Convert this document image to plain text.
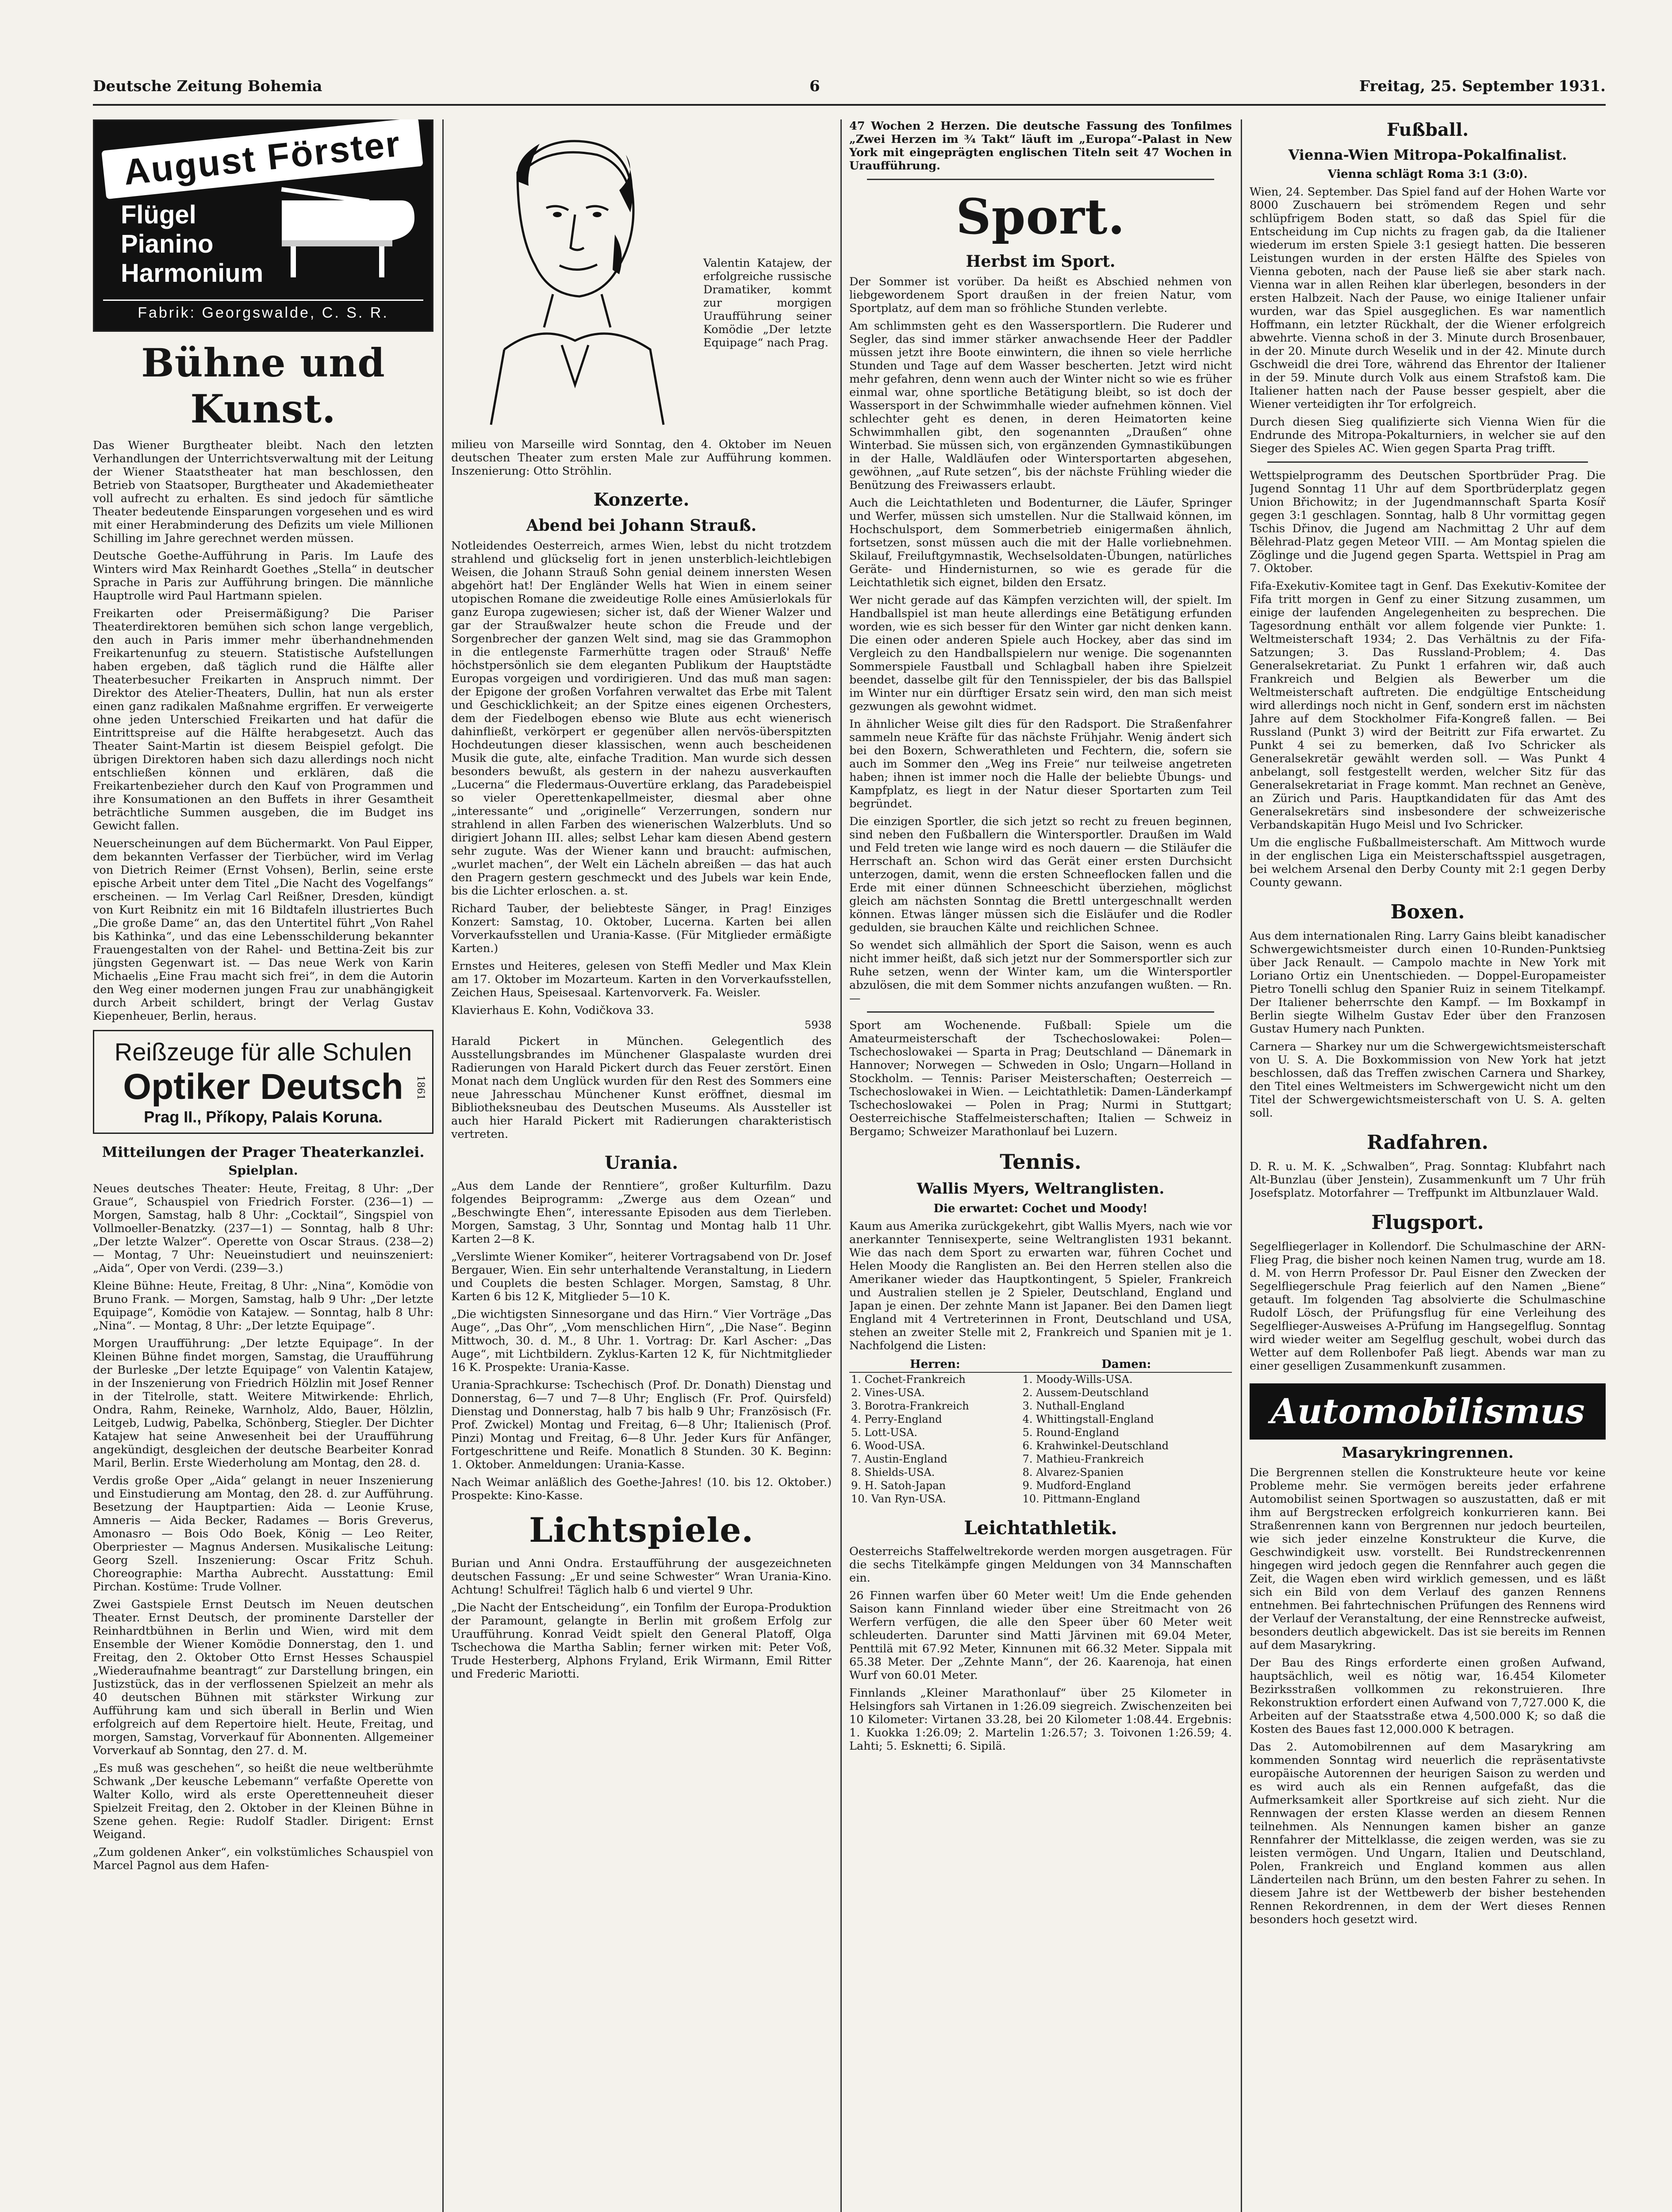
Deutsche Zeitung Bohemia	6	Freitag, 25. September 1931.
August Förster
Flügel
Pianino
Harmonium
Fabrik: Georgswalde, C. S. R.
Bühne und Kunst.

Das Wiener Burgtheater bleibt. Nach den letzten Verhandlungen der Unterrichtsverwaltung mit der Leitung der Wiener Staatstheater hat man beschlossen, den Betrieb von Staatsoper, Burgtheater und Akademietheater voll aufrecht zu erhalten. Es sind jedoch für sämtliche Theater bedeutende Einsparungen vorgesehen und es wird mit einer Herabminderung des Defizits um viele Millionen Schilling im Jahre gerechnet werden müssen.

Deutsche Goethe-Aufführung in Paris. Im Laufe des Winters wird Max Reinhardt Goethes „Stella“ in deutscher Sprache in Paris zur Aufführung bringen. Die männliche Hauptrolle wird Paul Hartmann spielen.

Freikarten oder Preisermäßigung? Die Pariser Theaterdirektoren bemühen sich schon lange vergeblich, den auch in Paris immer mehr überhandnehmenden Freikartenunfug zu steuern. Statistische Aufstellungen haben ergeben, daß täglich rund die Hälfte aller Theaterbesucher Freikarten in Anspruch nimmt. Der Direktor des Atelier-Theaters, Dullin, hat nun als erster einen ganz radikalen Maßnahme ergriffen. Er verweigerte ohne jeden Unterschied Freikarten und hat dafür die Eintrittspreise auf die Hälfte herabgesetzt. Auch das Theater Saint-Martin ist diesem Beispiel gefolgt. Die übrigen Direktoren haben sich dazu allerdings noch nicht entschließen können und erklären, daß die Freikartenbezieher durch den Kauf von Programmen und ihre Konsumationen an den Buffets in ihrer Gesamtheit beträchtliche Summen ausgeben, die im Budget ins Gewicht fallen.

Neuerscheinungen auf dem Büchermarkt. Von Paul Eipper, dem bekannten Verfasser der Tierbücher, wird im Verlag von Dietrich Reimer (Ernst Vohsen), Berlin, seine erste epische Arbeit unter dem Titel „Die Nacht des Vogelfangs“ erscheinen. — Im Verlag Carl Reißner, Dresden, kündigt von Kurt Reibnitz ein mit 16 Bildtafeln illustriertes Buch „Die große Dame“ an, das den Untertitel führt „Von Rahel bis Kathinka“, und das eine Lebensschilderung bekannter Frauengestalten von der Rahel- und Bettina-Zeit bis zur jüngsten Gegenwart ist. — Das neue Werk von Karin Michaelis „Eine Frau macht sich frei“, in dem die Autorin den Weg einer modernen jungen Frau zur unabhängigkeit durch Arbeit schildert, bringt der Verlag Gustav Kiepenheuer, Berlin, heraus.

Reißzeuge für alle Schulen
Optiker Deutsch	1861
Prag II., Příkopy, Palais Koruna.
Mitteilungen der Prager Theaterkanzlei.
Spielplan.

Neues deutsches Theater: Heute, Freitag, 8 Uhr: „Der Graue“, Schauspiel von Friedrich Forster. (236—1) — Morgen, Samstag, halb 8 Uhr: „Cocktail“, Singspiel von Vollmoeller-Benatzky. (237—1) — Sonntag, halb 8 Uhr: „Der letzte Walzer“. Operette von Oscar Straus. (238—2) — Montag, 7 Uhr: Neueinstudiert und neuinszeniert: „Aida“, Oper von Verdi. (239—3.)

Kleine Bühne: Heute, Freitag, 8 Uhr: „Nina“, Komödie von Bruno Frank. — Morgen, Samstag, halb 9 Uhr: „Der letzte Equipage“, Komödie von Katajew. — Sonntag, halb 8 Uhr: „Nina“. — Montag, 8 Uhr: „Der letzte Equipage“.

Morgen Uraufführung: „Der letzte Equipage“. In der Kleinen Bühne findet morgen, Samstag, die Uraufführung der Burleske „Der letzte Equipage“ von Valentin Katajew, in der Inszenierung von Friedrich Hölzlin mit Josef Renner in der Titelrolle, statt. Weitere Mitwirkende: Ehrlich, Ondra, Rahm, Reineke, Warnholz, Aldo, Bauer, Hölzlin, Leitgeb, Ludwig, Pabelka, Schönberg, Stiegler. Der Dichter Katajew hat seine Anwesenheit bei der Uraufführung angekündigt, desgleichen der deutsche Bearbeiter Konrad Maril, Berlin. Erste Wiederholung am Montag, den 28. d.

Verdis große Oper „Aida“ gelangt in neuer Inszenierung und Einstudierung am Montag, den 28. d. zur Aufführung. Besetzung der Hauptpartien: Aida — Leonie Kruse, Amneris — Aida Becker, Radames — Boris Greverus, Amonasro — Bois Odo Boek, König — Leo Reiter, Oberpriester — Magnus Andersen. Musikalische Leitung: Georg Szell. Inszenierung: Oscar Fritz Schuh. Choreographie: Martha Aubrecht. Ausstattung: Emil Pirchan. Kostüme: Trude Vollner.

Zwei Gastspiele Ernst Deutsch im Neuen deutschen Theater. Ernst Deutsch, der prominente Darsteller der Reinhardtbühnen in Berlin und Wien, wird mit dem Ensemble der Wiener Komödie Donnerstag, den 1. und Freitag, den 2. Oktober Otto Ernst Hesses Schauspiel „Wiederaufnahme beantragt“ zur Darstellung bringen, ein Justizstück, das in der verflossenen Spielzeit an mehr als 40 deutschen Bühnen mit stärkster Wirkung zur Aufführung kam und sich überall in Berlin und Wien erfolgreich auf dem Repertoire hielt. Heute, Freitag, und morgen, Samstag, Vorverkauf für Abonnenten. Allgemeiner Vorverkauf ab Sonntag, den 27. d. M.

„Es muß was geschehen“, so heißt die neue weltberühmte Schwank „Der keusche Lebemann“ verfaßte Operette von Walter Kollo, wird als erste Operettenneuheit dieser Spielzeit Freitag, den 2. Oktober in der Kleinen Bühne in Szene gehen. Regie: Rudolf Stadler. Dirigent: Ernst Weigand.

„Zum goldenen Anker“, ein volkstümliches Schauspiel von Marcel Pagnol aus dem Hafen-

Valentin Katajew, der erfolgreiche russische Dramatiker, kommt zur morgigen Uraufführung seiner Komödie „Der letzte Equipage“ nach Prag.

milieu von Marseille wird Sonntag, den 4. Oktober im Neuen deutschen Theater zum ersten Male zur Aufführung kommen. Inszenierung: Otto Ströhlin.

Konzerte.
Abend bei Johann Strauß.

Notleidendes Oesterreich, armes Wien, lebst du nicht trotzdem strahlend und glückselig fort in jenen unsterblich-leichtlebigen Weisen, die Johann Strauß Sohn genial deinem innersten Wesen abgehört hat! Der Engländer Wells hat Wien in einem seiner utopischen Romane die zweideutige Rolle eines Amüsierlokals für ganz Europa zugewiesen; sicher ist, daß der Wiener Walzer und gar der Straußwalzer heute schon die Freude und der Sorgenbrecher der ganzen Welt sind, mag sie das Grammophon in die entlegenste Farmerhütte tragen oder Strauß' Neffe höchstpersönlich sie dem eleganten Publikum der Hauptstädte Europas vorgeigen und vordirigieren. Und das muß man sagen: der Epigone der großen Vorfahren verwaltet das Erbe mit Talent und Geschicklichkeit; an der Spitze eines eigenen Orchesters, dem der Fiedelbogen ebenso wie Blute aus echt wienerisch dahinfließt, verkörpert er gegenüber allen nervös-überspitzten Hochdeutungen dieser klassischen, wenn auch bescheidenen Musik die gute, alte, einfache Tradition. Man wurde sich dessen besonders bewußt, als gestern in der nahezu ausverkauften „Lucerna“ die Fledermaus-Ouvertüre erklang, das Paradebeispiel so vieler Operettenkapellmeister, diesmal aber ohne „interessante“ und „originelle“ Verzerrungen, sondern nur strahlend in allen Farben des wienerischen Walzerbluts. Und so dirigiert Johann III. alles; selbst Lehar kam diesen Abend gestern sehr zugute. Was der Wiener kann und braucht: aufmischen, „wurlet machen“, der Welt ein Lächeln abreißen — das hat auch den Pragern gestern geschmeckt und des Jubels war kein Ende, bis die Lichter erloschen. a. st.

Richard Tauber, der beliebteste Sänger, in Prag! Einziges Konzert: Samstag, 10. Oktober, Lucerna. Karten bei allen Vorverkaufsstellen und Urania-Kasse. (Für Mitglieder ermäßigte Karten.)

Ernstes und Heiteres, gelesen von Steffi Medler und Max Klein am 17. Oktober im Mozarteum. Karten in den Vorverkaufsstellen, Zeichen Haus, Speisesaal. Kartenvorverk. Fa. Weisler.

Klavierhaus E. Kohn, Vodičkova 33.

5938

Harald Pickert in München. Gelegentlich des Ausstellungsbrandes im Münchener Glaspalaste wurden drei Radierungen von Harald Pickert durch das Feuer zerstört. Einen Monat nach dem Unglück wurden für den Rest des Sommers eine neue Jahresschau Münchener Kunst eröffnet, diesmal im Bibliotheksneubau des Deutschen Museums. Als Aussteller ist auch hier Harald Pickert mit Radierungen charakteristisch vertreten.

Urania.

„Aus dem Lande der Renntiere“, großer Kulturfilm. Dazu folgendes Beiprogramm: „Zwerge aus dem Ozean“ und „Beschwingte Ehen“, interessante Episoden aus dem Tierleben. Morgen, Samstag, 3 Uhr, Sonntag und Montag halb 11 Uhr. Karten 2—8 K.

„Verslimte Wiener Komiker“, heiterer Vortragsabend von Dr. Josef Bergauer, Wien. Ein sehr unterhaltende Veranstaltung, in Liedern und Couplets die besten Schlager. Morgen, Samstag, 8 Uhr. Karten 6 bis 12 K, Mitglieder 5—10 K.

„Die wichtigsten Sinnesorgane und das Hirn.“ Vier Vorträge „Das Auge“, „Das Ohr“, „Vom menschlichen Hirn“, „Die Nase“. Beginn Mittwoch, 30. d. M., 8 Uhr. 1. Vortrag: Dr. Karl Ascher: „Das Auge“, mit Lichtbildern. Zyklus-Karten 12 K, für Nichtmitglieder 16 K. Prospekte: Urania-Kasse.

Urania-Sprachkurse: Tschechisch (Prof. Dr. Donath) Dienstag und Donnerstag, 6—7 und 7—8 Uhr; Englisch (Fr. Prof. Quirsfeld) Dienstag und Donnerstag, halb 7 bis halb 9 Uhr; Französisch (Fr. Prof. Zwickel) Montag und Freitag, 6—8 Uhr; Italienisch (Prof. Pinzi) Montag und Freitag, 6—8 Uhr. Jeder Kurs für Anfänger, Fortgeschrittene und Reife. Monatlich 8 Stunden. 30 K. Beginn: 1. Oktober. Anmeldungen: Urania-Kasse.

Nach Weimar anläßlich des Goethe-Jahres! (10. bis 12. Oktober.) Prospekte: Kino-Kasse.

Lichtspiele.

Burian und Anni Ondra. Erstaufführung der ausgezeichneten deutschen Fassung: „Er und seine Schwester“ Wran Urania-Kino. Achtung! Schulfrei! Täglich halb 6 und viertel 9 Uhr.

„Die Nacht der Entscheidung“, ein Tonfilm der Europa-Produktion der Paramount, gelangte in Berlin mit großem Erfolg zur Uraufführung. Konrad Veidt spielt den General Platoff, Olga Tschechowa die Martha Sablin; ferner wirken mit: Peter Voß, Trude Hesterberg, Alphons Fryland, Erik Wirmann, Emil Ritter und Frederic Mariotti.

47 Wochen 2 Herzen. Die deutsche Fassung des Tonfilmes „Zwei Herzen im ¾ Takt“ läuft im „Europa“-Palast in New York mit eingeprägten englischen Titeln seit 47 Wochen in Uraufführung.

Sport.
Herbst im Sport.

Der Sommer ist vorüber. Da heißt es Abschied nehmen von liebgewordenem Sport draußen in der freien Natur, vom Sportplatz, auf dem man so fröhliche Stunden verlebte.

Am schlimmsten geht es den Wassersportlern. Die Ruderer und Segler, das sind immer stärker anwachsende Heer der Paddler müssen jetzt ihre Boote einwintern, die ihnen so viele herrliche Stunden und Tage auf dem Wasser bescherten. Jetzt wird nicht mehr gefahren, denn wenn auch der Winter nicht so wie es früher einmal war, ohne sportliche Betätigung bleibt, so ist doch der Wassersport in der Schwimmhalle wieder aufnehmen können. Viel schlechter geht es denen, in deren Heimatorten keine Schwimmhallen gibt, den sogenannten „Draußen“ ohne Winterbad. Sie müssen sich, von ergänzenden Gymnastikübungen in der Halle, Waldläufen oder Wintersportarten abgesehen, gewöhnen, „auf Rute setzen“, bis der nächste Frühling wieder die Benützung des Freiwassers erlaubt.

Auch die Leichtathleten und Bodenturner, die Läufer, Springer und Werfer, müssen sich umstellen. Nur die Stallwaid können, im Hochschulsport, dem Sommerbetrieb einigermaßen ähnlich, fortsetzen, sonst müssen auch die mit der Halle vorliebnehmen. Skilauf, Freiluftgymnastik, Wechselsoldaten-Übungen, natürliches Geräte- und Hindernisturnen, so wie es gerade für die Leichtathletik sich eignet, bilden den Ersatz.

Wer nicht gerade auf das Kämpfen verzichten will, der spielt. Im Handballspiel ist man heute allerdings eine Betätigung erfunden worden, wie es sich besser für den Winter gar nicht denken kann. Die einen oder anderen Spiele auch Hockey, aber das sind im Vergleich zu den Handballspielern nur wenige. Die sogenannten Sommerspiele Faustball und Schlagball haben ihre Spielzeit beendet, dasselbe gilt für den Tennisspieler, der bis das Ballspiel im Winter nur ein dürftiger Ersatz sein wird, den man sich meist gezwungen als gewohnt widmet.

In ähnlicher Weise gilt dies für den Radsport. Die Straßenfahrer sammeln neue Kräfte für das nächste Frühjahr. Wenig ändert sich bei den Boxern, Schwerathleten und Fechtern, die, sofern sie auch im Sommer den „Weg ins Freie“ nur teilweise angetreten haben; ihnen ist immer noch die Halle der beliebte Übungs- und Kampfplatz, es liegt in der Natur dieser Sportarten zum Teil begründet.

Die einzigen Sportler, die sich jetzt so recht zu freuen beginnen, sind neben den Fußballern die Wintersportler. Draußen im Wald und Feld treten wie lange wird es noch dauern — die Stiläufer die Herrschaft an. Schon wird das Gerät einer ersten Durchsicht unterzogen, damit, wenn die ersten Schneeflocken fallen und die Erde mit einer dünnen Schneeschicht überziehen, möglichst gleich am nächsten Sonntag die Brettl untergeschnallt werden können. Etwas länger müssen sich die Eisläufer und die Rodler gedulden, sie brauchen Kälte und reichlichen Schnee.

So wendet sich allmählich der Sport die Saison, wenn es auch nicht immer heißt, daß sich jetzt nur der Sommersportler sich zur Ruhe setzen, wenn der Winter kam, um die Wintersportler abzulösen, die mit dem Sommer nichts anzufangen wußten. — Rn. —

Sport am Wochenende. Fußball: Spiele um die Amateurmeisterschaft der Tschechoslowakei: Polen—Tschechoslowakei — Sparta in Prag; Deutschland — Dänemark in Hannover; Norwegen — Schweden in Oslo; Ungarn—Holland in Stockholm. — Tennis: Pariser Meisterschaften; Oesterreich — Tschechoslowakei in Wien. — Leichtathletik: Damen-Länderkampf Tschechoslowakei — Polen in Prag; Nurmi in Stuttgart; Oesterreichische Staffelmeisterschaften; Italien — Schweiz in Bergamo; Schweizer Marathonlauf bei Luzern.

Tennis.
Wallis Myers, Weltranglisten.
Die erwartet: Cochet und Moody!

Kaum aus Amerika zurückgekehrt, gibt Wallis Myers, nach wie vor anerkannter Tennisexperte, seine Weltranglisten 1931 bekannt. Wie das nach dem Sport zu erwarten war, führen Cochet und Helen Moody die Ranglisten an. Bei den Herren stellen also die Amerikaner wieder das Hauptkontingent, 5 Spieler, Frankreich und Australien stellen je 2 Spieler, Deutschland, England und Japan je einen. Der zehnte Mann ist Japaner. Bei den Damen liegt England mit 4 Vertreterinnen in Front, Deutschland und USA, stehen an zweiter Stelle mit 2, Frankreich und Spanien mit je 1. Nachfolgend die Listen:

Herren:	Damen:
1. Cochet-Frankreich	1. Moody-Wills-USA.
2. Vines-USA.	2. Aussem-Deutschland
3. Borotra-Frankreich	3. Nuthall-England
4. Perry-England	4. Whittingstall-England
5. Lott-USA.	5. Round-England
6. Wood-USA.	6. Krahwinkel-Deutschland
7. Austin-England	7. Mathieu-Frankreich
8. Shields-USA.	8. Alvarez-Spanien
9. H. Satoh-Japan	9. Mudford-England
10. Van Ryn-USA.	10. Pittmann-England
Leichtathletik.

Oesterreichs Staffelweltrekorde werden morgen ausgetragen. Für die sechs Titelkämpfe gingen Meldungen von 34 Mannschaften ein.

26 Finnen warfen über 60 Meter weit! Um die Ende gehenden Saison kann Finnland wieder über eine Streitmacht von 26 Werfern verfügen, die alle den Speer über 60 Meter weit schleuderten. Darunter sind Matti Järvinen mit 69.04 Meter, Penttilä mit 67.92 Meter, Kinnunen mit 66.32 Meter. Sippala mit 65.38 Meter. Der „Zehnte Mann“, der 26. Kaarenoja, hat einen Wurf von 60.01 Meter.

Finnlands „Kleiner Marathonlauf“ über 25 Kilometer in Helsingfors sah Virtanen in 1:26.09 siegreich. Zwischenzeiten bei 10 Kilometer: Virtanen 33.28, bei 20 Kilometer 1:08.44. Ergebnis: 1. Kuokka 1:26.09; 2. Martelin 1:26.57; 3. Toivonen 1:26.59; 4. Lahti; 5. Esknetti; 6. Sipilä.

Fußball.
Vienna-Wien Mitropa-Pokalfinalist.
Vienna schlägt Roma 3:1 (3:0).

Wien, 24. September. Das Spiel fand auf der Hohen Warte vor 8000 Zuschauern bei strömendem Regen und sehr schlüpfrigem Boden statt, so daß das Spiel für die Entscheidung im Cup nichts zu fragen gab, da die Italiener wiederum im ersten Spiele 3:1 gesiegt hatten. Die besseren Leistungen wurden in der ersten Hälfte des Spieles von Vienna geboten, nach der Pause ließ sie aber stark nach. Vienna war in allen Reihen klar überlegen, besonders in der ersten Halbzeit. Nach der Pause, wo einige Italiener unfair wurden, war das Spiel ausgeglichen. Es war namentlich Hoffmann, ein letzter Rückhalt, der die Wiener erfolgreich abwehrte. Vienna schoß in der 3. Minute durch Brosenbauer, in der 20. Minute durch Weselik und in der 42. Minute durch Gschweidl die drei Tore, während das Ehrentor der Italiener in der 59. Minute durch Volk aus einem Strafstoß kam. Die Italiener hatten nach der Pause besser gespielt, aber die Wiener verteidigten ihr Tor erfolgreich.

Durch diesen Sieg qualifizierte sich Vienna Wien für die Endrunde des Mitropa-Pokalturniers, in welcher sie auf den Sieger des Spieles AC. Wien gegen Sparta Prag trifft.

Wettspielprogramm des Deutschen Sportbrüder Prag. Die Jugend Sonntag 11 Uhr auf dem Sportbrüderplatz gegen Union Břichowitz; in der Jugendmannschaft Sparta Kosíř gegen 3:1 geschlagen. Sonntag, halb 8 Uhr vormittag gegen Tschis Dřinov, die Jugend am Nachmittag 2 Uhr auf dem Bělehrad-Platz gegen Meteor VIII. — Am Montag spielen die Zöglinge und die Jugend gegen Sparta. Wettspiel in Prag am 7. Oktober.

Fifa-Exekutiv-Komitee tagt in Genf. Das Exekutiv-Komitee der Fifa tritt morgen in Genf zu einer Sitzung zusammen, um einige der laufenden Angelegenheiten zu besprechen. Die Tagesordnung enthält vor allem folgende vier Punkte: 1. Weltmeisterschaft 1934; 2. Das Verhältnis zu der Fifa-Satzungen; 3. Das Russland-Problem; 4. Das Generalsekretariat. Zu Punkt 1 erfahren wir, daß auch Frankreich und Belgien als Bewerber um die Weltmeisterschaft auftreten. Die endgültige Entscheidung wird allerdings noch nicht in Genf, sondern erst im nächsten Jahre auf dem Stockholmer Fifa-Kongreß fallen. — Bei Russland (Punkt 3) wird der Beitritt zur Fifa erwartet. Zu Punkt 4 sei zu bemerken, daß Ivo Schricker als Generalsekretär gewählt werden soll. — Was Punkt 4 anbelangt, soll festgestellt werden, welcher Sitz für das Generalsekretariat in Frage kommt. Man rechnet an Genève, an Zürich und Paris. Hauptkandidaten für das Amt des Generalsekretärs sind insbesondere der schweizerische Verbandskapitän Hugo Meisl und Ivo Schricker.

Um die englische Fußballmeisterschaft. Am Mittwoch wurde in der englischen Liga ein Meisterschaftsspiel ausgetragen, bei welchem Arsenal den Derby County mit 2:1 gegen Derby County gewann.

Boxen.

Aus dem internationalen Ring. Larry Gains bleibt kanadischer Schwergewichtsmeister durch einen 10-Runden-Punktsieg über Jack Renault. — Campolo machte in New York mit Loriano Ortiz ein Unentschieden. — Doppel-Europameister Pietro Tonelli schlug den Spanier Ruiz in seinem Titelkampf. Der Italiener beherrschte den Kampf. — Im Boxkampf in Berlin siegte Wilhelm Gustav Eder über den Franzosen Gustav Humery nach Punkten.

Carnera — Sharkey nur um die Schwergewichtsmeisterschaft von U. S. A. Die Boxkommission von New York hat jetzt beschlossen, daß das Treffen zwischen Carnera und Sharkey, den Titel eines Weltmeisters im Schwergewicht nicht um den Titel der Schwergewichtsmeisterschaft von U. S. A. gelten soll.

Radfahren.

D. R. u. M. K. „Schwalben“, Prag. Sonntag: Klubfahrt nach Alt-Bunzlau (über Jenstein), Zusammenkunft um 7 Uhr früh Josefsplatz. Motorfahrer — Treffpunkt im Altbunzlauer Wald.

Flugsport.

Segelfliegerlager in Kollendorf. Die Schulmaschine der ARN-Flieg Prag, die bisher noch keinen Namen trug, wurde am 18. d. M. von Herrn Professor Dr. Paul Eisner den Zwecken der Segelfliegerschule Prag feierlich auf den Namen „Biene“ getauft. Im folgenden Tag absolvierte die Schulmaschine Rudolf Lösch, der Prüfungsflug für eine Verleihung des Segelflieger-Ausweises A-Prüfung im Hangsegelflug. Sonntag wird wieder weiter am Segelflug geschult, wobei durch das Wetter auf dem Rollenbofer Paß liegt. Abends war man zu einer geselligen Zusammenkunft zusammen.

Automobilismus
Masarykringrennen.

Die Bergrennen stellen die Konstrukteure heute vor keine Probleme mehr. Sie vermögen bereits jeder erfahrene Automobilist seinen Sportwagen so auszustatten, daß er mit ihm auf Bergstrecken erfolgreich konkurrieren kann. Bei Straßenrennen kann von Bergrennen nur jedoch beurteilen, wie sich jeder einzelne Konstrukteur die Kurve, die Geschwindigkeit usw. vorstellt. Bei Rundstreckenrennen hingegen wird jedoch gegen die Rennfahrer auch gegen die Zeit, die Wagen eben wird wirklich gemessen, und es läßt sich ein Bild von dem Verlauf des ganzen Rennens entnehmen. Bei fahrtechnischen Prüfungen des Rennens wird der Verlauf der Veranstaltung, der eine Rennstrecke aufweist, besonders deutlich abgewickelt. Das ist sie bereits im Rennen auf dem Masarykring.

Der Bau des Rings erforderte einen großen Aufwand, hauptsächlich, weil es nötig war, 16.454 Kilometer Bezirksstraßen vollkommen zu rekonstruieren. Ihre Rekonstruktion erfordert einen Aufwand von 7,727.000 K, die Arbeiten auf der Staatsstraße etwa 4,500.000 K; so daß die Kosten des Baues fast 12,000.000 K betragen.

Das 2. Automobilrennen auf dem Masarykring am kommenden Sonntag wird neuerlich die repräsentativste europäische Autorennen der heurigen Saison zu werden und es wird auch als ein Rennen aufgefaßt, das die Aufmerksamkeit aller Sportkreise auf sich zieht. Nur die Rennwagen der ersten Klasse werden an diesem Rennen teilnehmen. Als Nennungen kamen bisher an ganze Rennfahrer der Mittelklasse, die zeigen werden, was sie zu leisten vermögen. Und Ungarn, Italien und Deutschland, Polen, Frankreich und England kommen aus allen Länderteilen nach Brünn, um den besten Fahrer zu sehen. In diesem Jahre ist der Wettbewerb der bisher bestehenden Rennen Rekordrennen, in dem der Wert dieses Rennen besonders hoch gesetzt wird.
